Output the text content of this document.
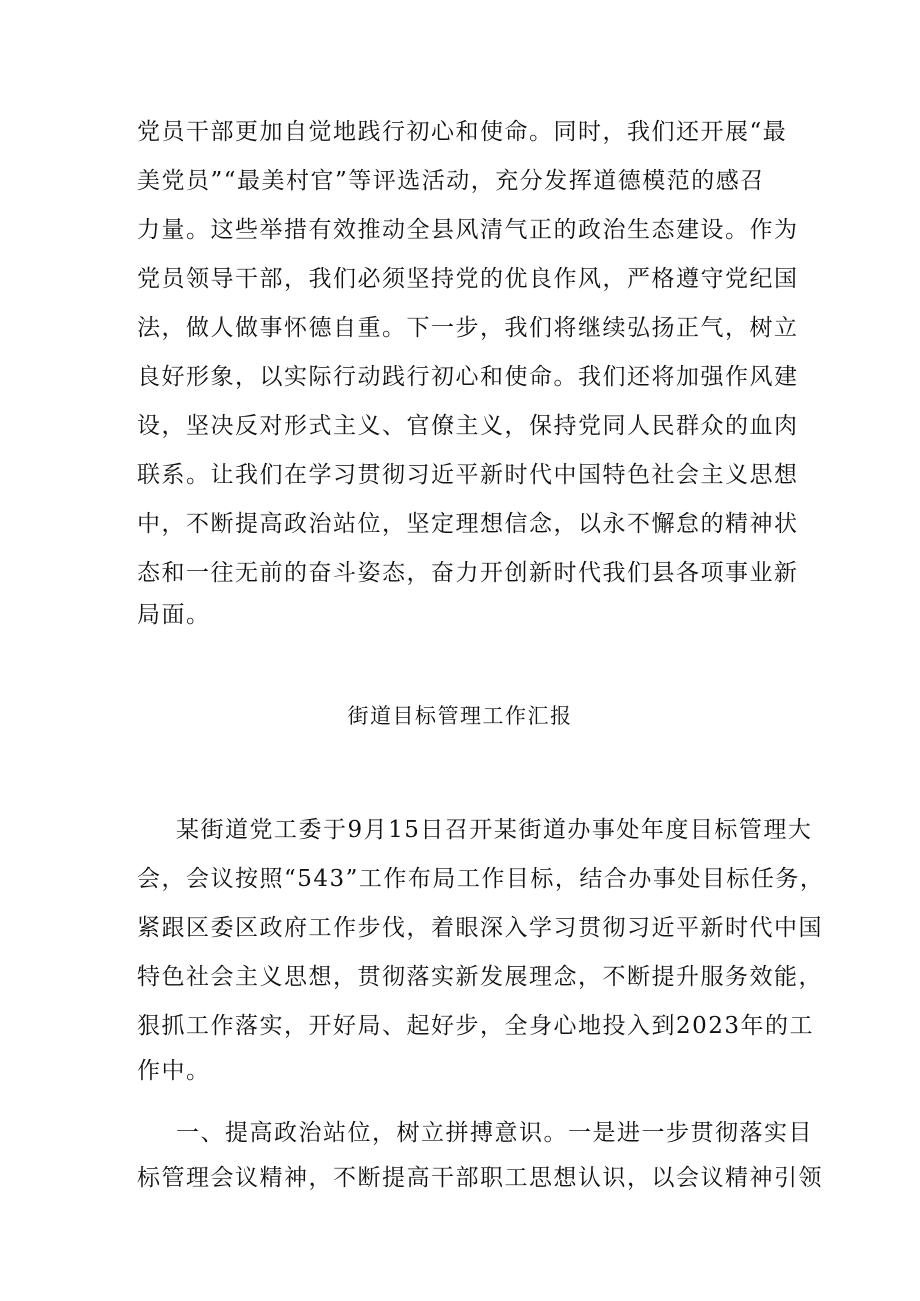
党员干部更加自觉地践行初心和使命。同时，我们还开展“最
美党员”“最美村官”等评选活动，充分发挥道德模范的感召
力量。这些举措有效推动全县风清气正的政治生态建设。作为
党员领导干部，我们必须坚持党的优良作风，严格遵守党纪国
法，做人做事怀德自重。下一步，我们将继续弘扬正气，树立
良好形象，以实际行动践行初心和使命。我们还将加强作风建
设，坚决反对形式主义、官僚主义，保持党同人民群众的血肉
联系。让我们在学习贯彻习近平新时代中国特色社会主义思想
中，不断提高政治站位，坚定理想信念，以永不懈怠的精神状
态和一往无前的奋斗姿态，奋力开创新时代我们县各项事业新
局面。
街道目标管理工作汇报
某街道党工委于9月15日召开某街道办事处年度目标管理大
会，会议按照“543”工作布局工作目标，结合办事处目标任务，
紧跟区委区政府工作步伐，着眼深入学习贯彻习近平新时代中国
特色社会主义思想，贯彻落实新发展理念，不断提升服务效能，
狠抓工作落实，开好局、起好步，全身心地投入到2023年的工
作中。
一、提高政治站位，树立拼搏意识。一是进一步贯彻落实目
标管理会议精神，不断提高干部职工思想认识，以会议精神引领
